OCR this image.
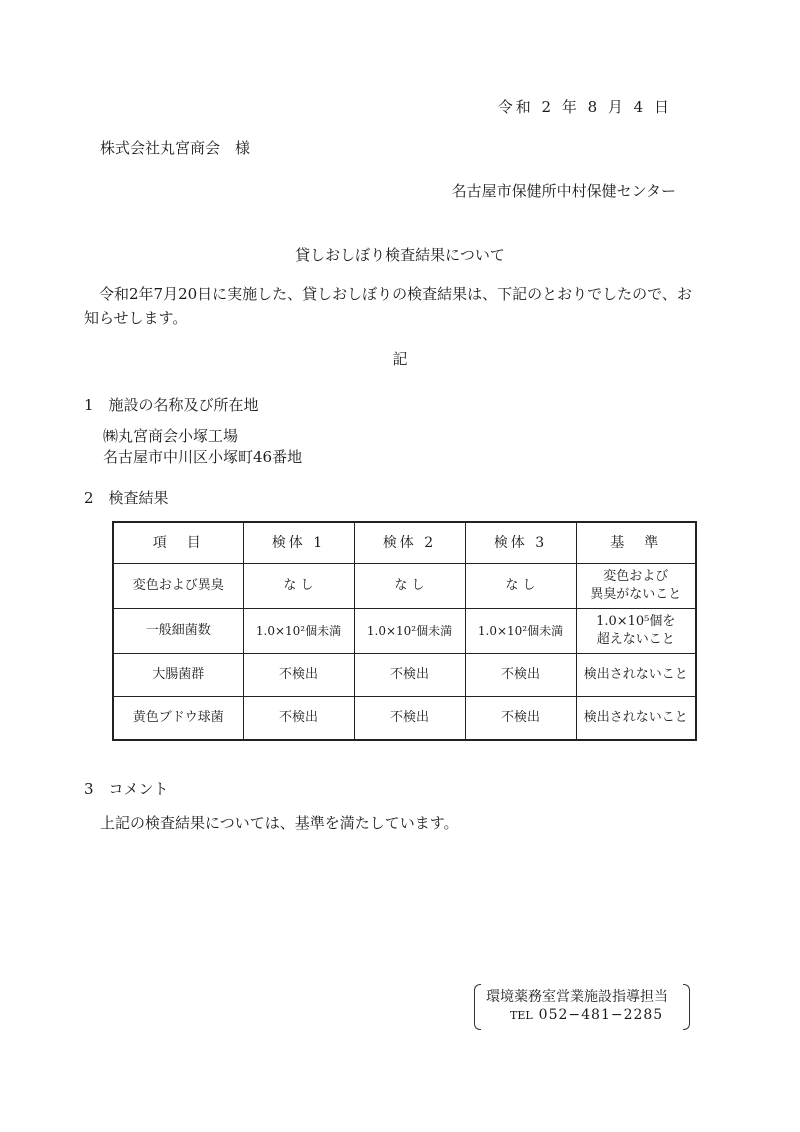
令和 2 年 8 月 4 日
株式会社丸宮商会　様
名古屋市保健所中村保健センター
貸しおしぼり検査結果について

令和2年7月20日に実施した、貸しおしぼりの検査結果は、下記のとおりでしたので、お

知らせします。

記
1　施設の名称及び所在地
㈱丸宮商会小塚工場
名古屋市中川区小塚町46番地
2　検査結果
項　目	検体 1	検体 2	検体 3	基　準
変色および異臭	な し	な し	な し	変色および
異臭がないこと

一般細菌数	1.0×10²個未満	1.0×10²個未満	1.0×10²個未満	1.0×10⁵個を
超えないこと

大腸菌群	不検出	不検出	不検出	検出されないこと
黄色ブドウ球菌	不検出	不検出	不検出	検出されないこと
3　コメント
上記の検査結果については、基準を満たしています。
環境薬務室営業施設指導担当
TEL 052−481−2285
